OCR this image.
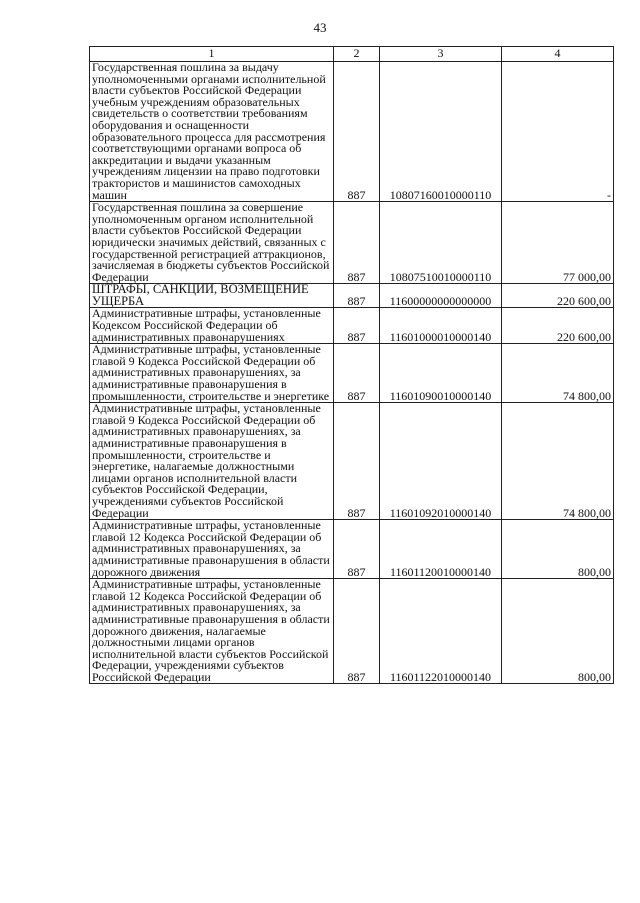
43
1	2	3	4
Государственная пошлина за выдачу уполномоченными органами исполнительной власти субъектов Российской Федерации учебным учреждениям образовательных свидетельств о соответствии требованиям оборудования и оснащенности образовательного процесса для рассмотрения соответствующими органами вопроса об аккредитации и выдачи указанным учреждениям лицензии на право подготовки трактористов и машинистов самоходных машин	887	10807160010000110	-
Государственная пошлина за совершение уполномоченным органом исполнительной власти субъектов Российской Федерации юридически значимых действий, связанных с государственной регистрацией аттракционов, зачисляемая в бюджеты субъектов Российской Федерации	887	10807510010000110	77 000,00
ШТРАФЫ, САНКЦИИ, ВОЗМЕЩЕНИЕ УЩЕРБА	887	11600000000000000	220 600,00
Административные штрафы, установленные Кодексом Российской Федерации об административных правонарушениях	887	11601000010000140	220 600,00
Административные штрафы, установленные главой 9 Кодекса Российской Федерации об административных правонарушениях, за административные правонарушения в промышленности, строительстве и энергетике	887	11601090010000140	74 800,00
Административные штрафы, установленные главой 9 Кодекса Российской Федерации об административных правонарушениях, за административные правонарушения в промышленности, строительстве и энергетике, налагаемые должностными лицами органов исполнительной власти субъектов Российской Федерации, учреждениями субъектов Российской Федерации	887	11601092010000140	74 800,00
Административные штрафы, установленные главой 12 Кодекса Российской Федерации об административных правонарушениях, за административные правонарушения в области дорожного движения	887	11601120010000140	800,00
Административные штрафы, установленные главой 12 Кодекса Российской Федерации об административных правонарушениях, за административные правонарушения в области дорожного движения, налагаемые должностными лицами органов исполнительной власти субъектов Российской Федерации, учреждениями субъектов Российской Федерации	887	11601122010000140	800,00
